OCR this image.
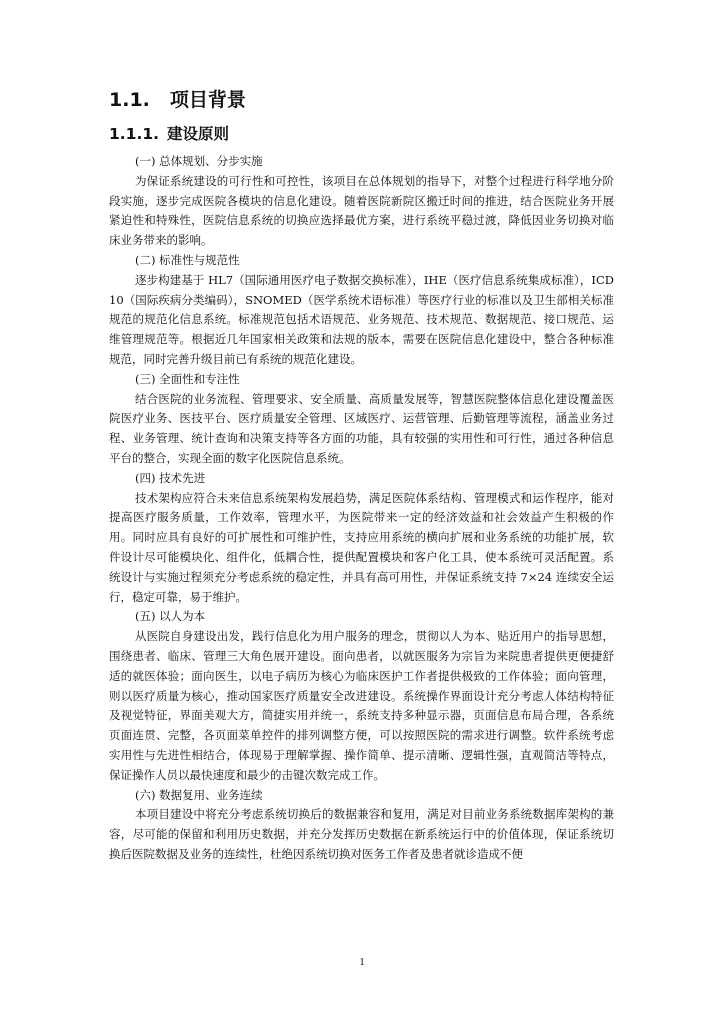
1.1. 项目背景
1.1.1. 建设原则

(一) 总体规划、分步实施

为保证系统建设的可行性和可控性，该项目在总体规划的指导下，对整个过程进行科学地分阶段实施，逐步完成医院各模块的信息化建设。随着医院新院区搬迁时间的推进，结合医院业务开展紧迫性和特殊性，医院信息系统的切换应选择最优方案，进行系统平稳过渡，降低因业务切换对临床业务带来的影响。

(二) 标准性与规范性

逐步构建基于 HL7（国际通用医疗电子数据交换标准），IHE（医疗信息系统集成标准），ICD10（国际疾病分类编码），SNOMED（医学系统术语标准）等医疗行业的标准以及卫生部相关标准规范的规范化信息系统。标准规范包括术语规范、业务规范、技术规范、数据规范、接口规范、运维管理规范等。根据近几年国家相关政策和法规的版本，需要在医院信息化建设中，整合各种标准规范，同时完善升级目前已有系统的规范化建设。

(三) 全面性和专注性

结合医院的业务流程、管理要求、安全质量、高质量发展等，智慧医院整体信息化建设覆盖医院医疗业务、医技平台、医疗质量安全管理、区域医疗、运营管理、后勤管理等流程，涵盖业务过程、业务管理、统计查询和决策支持等各方面的功能，具有较强的实用性和可行性，通过各种信息平台的整合，实现全面的数字化医院信息系统。

(四) 技术先进

技术架构应符合未来信息系统架构发展趋势，满足医院体系结构、管理模式和运作程序，能对提高医疗服务质量，工作效率，管理水平，为医院带来一定的经济效益和社会效益产生积极的作用。同时应具有良好的可扩展性和可维护性，支持应用系统的横向扩展和业务系统的功能扩展，软件设计尽可能模块化、组件化，低耦合性，提供配置模块和客户化工具，使本系统可灵活配置。系统设计与实施过程须充分考虑系统的稳定性，并具有高可用性，并保证系统支持 7×24 连续安全运行，稳定可靠，易于维护。

(五) 以人为本

从医院自身建设出发，践行信息化为用户服务的理念，贯彻以人为本、贴近用户的指导思想，围绕患者、临床、管理三大角色展开建设。面向患者，以就医服务为宗旨为来院患者提供更便捷舒适的就医体验；面向医生，以电子病历为核心为临床医护工作者提供极致的工作体验；面向管理，则以医疗质量为核心，推动国家医疗质量安全改进建设。系统操作界面设计充分考虑人体结构特征及视觉特征，界面美观大方，简捷实用并统一，系统支持多种显示器，页面信息布局合理，各系统页面连贯、完整，各页面菜单控件的排列调整方便，可以按照医院的需求进行调整。软件系统考虑实用性与先进性相结合，体现易于理解掌握、操作简单、提示清晰、逻辑性强，直观简洁等特点，保证操作人员以最快速度和最少的击键次数完成工作。

(六) 数据复用、业务连续

本项目建设中将充分考虑系统切换后的数据兼容和复用，满足对目前业务系统数据库架构的兼容，尽可能的保留和利用历史数据，并充分发挥历史数据在新系统运行中的价值体现，保证系统切换后医院数据及业务的连续性，杜绝因系统切换对医务工作者及患者就诊造成不便

1
